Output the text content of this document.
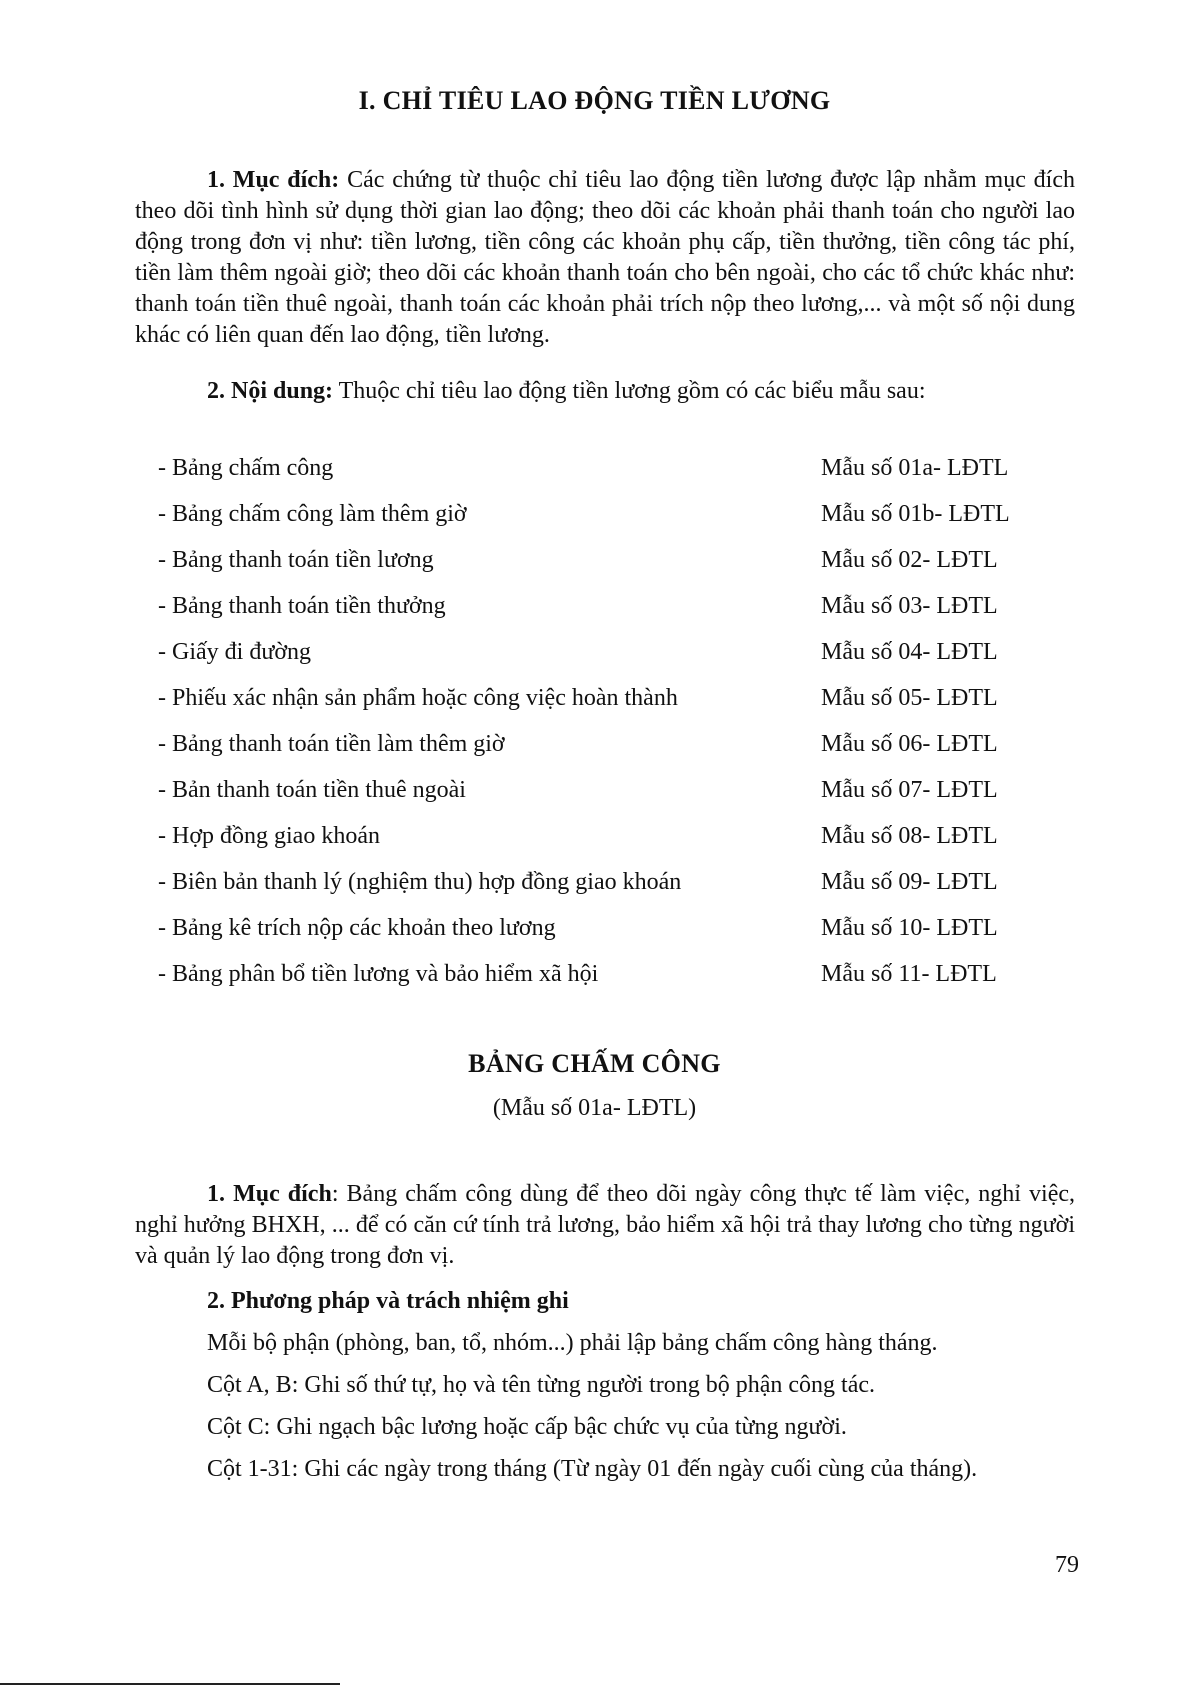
I. CHỈ TIÊU LAO ĐỘNG TIỀN LƯƠNG
1. Mục đích: Các chứng từ thuộc chỉ tiêu lao động tiền lương được lập nhằm mục đích theo dõi tình hình sử dụng thời gian lao động; theo dõi các khoản phải thanh toán cho người lao động trong đơn vị như: tiền lương, tiền công các khoản phụ cấp, tiền thưởng, tiền công tác phí, tiền làm thêm ngoài giờ; theo dõi các khoản thanh toán cho bên ngoài, cho các tổ chức khác như: thanh toán tiền thuê ngoài, thanh toán các khoản phải trích nộp theo lương,... và một số nội dung khác có liên quan đến lao động, tiền lương.
2. Nội dung: Thuộc chỉ tiêu lao động tiền lương gồm có các biểu mẫu sau:
- Bảng chấm công	Mẫu số 01a- LĐTL
- Bảng chấm công làm thêm giờ	Mẫu số 01b- LĐTL
- Bảng thanh toán tiền lương	Mẫu số 02- LĐTL
- Bảng thanh toán tiền thưởng	Mẫu số 03- LĐTL
- Giấy đi đường	Mẫu số 04- LĐTL
- Phiếu xác nhận sản phẩm hoặc công việc hoàn thành	Mẫu số 05- LĐTL
- Bảng thanh toán tiền làm thêm giờ	Mẫu số 06- LĐTL
- Bản thanh toán tiền thuê ngoài	Mẫu số 07- LĐTL
- Hợp đồng giao khoán	Mẫu số 08- LĐTL
- Biên bản thanh lý (nghiệm thu) hợp đồng giao khoán	Mẫu số 09- LĐTL
- Bảng kê trích nộp các khoản theo lương	Mẫu số 10- LĐTL
- Bảng phân bổ tiền lương và bảo hiểm xã hội	Mẫu số 11- LĐTL
BẢNG CHẤM CÔNG
(Mẫu số 01a- LĐTL)
1. Mục đích: Bảng chấm công dùng để theo dõi ngày công thực tế làm việc, nghỉ việc, nghỉ hưởng BHXH, ... để có căn cứ tính trả lương, bảo hiểm xã hội trả thay lương cho từng người và quản lý lao động trong đơn vị.
2. Phương pháp và trách nhiệm ghi
Mỗi bộ phận (phòng, ban, tổ, nhóm...) phải lập bảng chấm công hàng tháng.
Cột A, B: Ghi số thứ tự, họ và tên từng người trong bộ phận công tác.
Cột C: Ghi ngạch bậc lương hoặc cấp bậc chức vụ của từng người.
Cột 1-31: Ghi các ngày trong tháng (Từ ngày 01 đến ngày cuối cùng của tháng).
79
